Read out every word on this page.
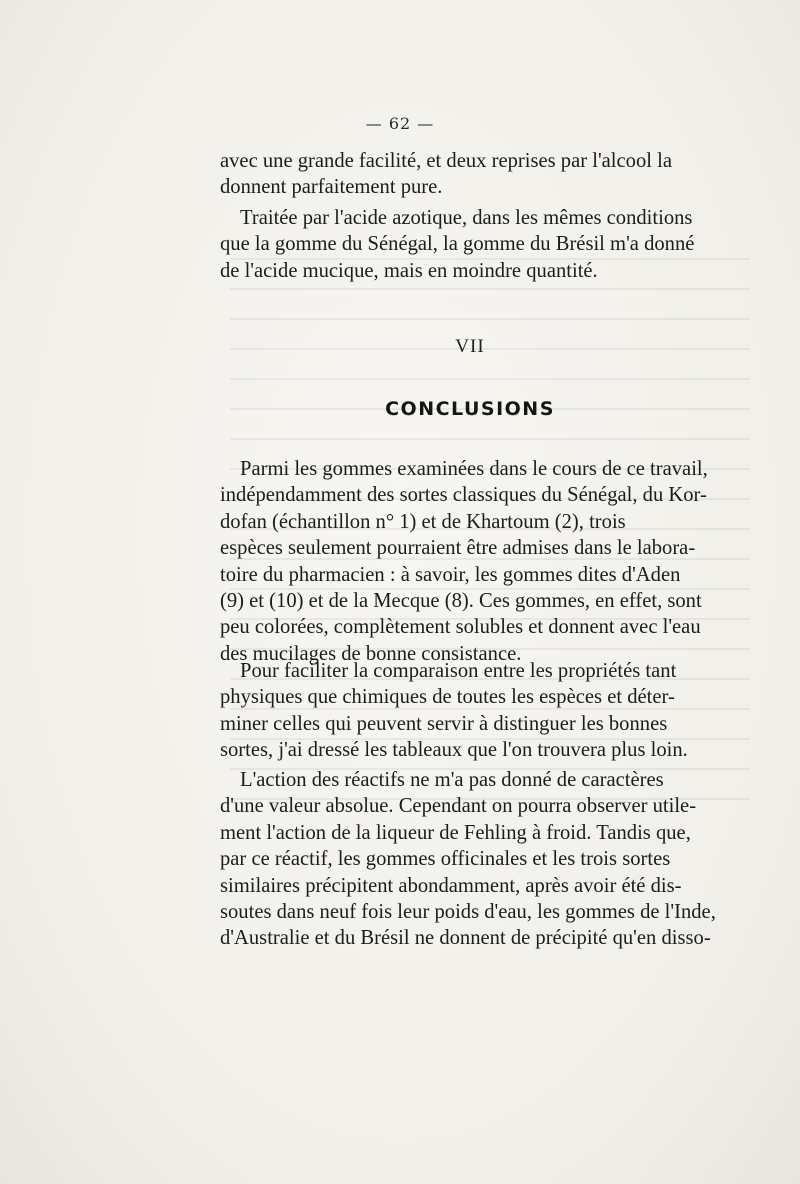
— 62 —

avec une grande facilité, et deux reprises par l'alcool la

donnent parfaitement pure.

Traitée par l'acide azotique, dans les mêmes conditions

que la gomme du Sénégal, la gomme du Brésil m'a donné

de l'acide mucique, mais en moindre quantité.

VII
CONCLUSIONS

Parmi les gommes examinées dans le cours de ce travail,

indépendamment des sortes classiques du Sénégal, du Kor-

dofan (échantillon n° 1) et de Khartoum (2), trois

espèces seulement pourraient être admises dans le labora-

toire du pharmacien : à savoir, les gommes dites d'Aden

(9) et (10) et de la Mecque (8). Ces gommes, en effet, sont

peu colorées, complètement solubles et donnent avec l'eau

des mucilages de bonne consistance.

Pour faciliter la comparaison entre les propriétés tant

physiques que chimiques de toutes les espèces et déter-

miner celles qui peuvent servir à distinguer les bonnes

sortes, j'ai dressé les tableaux que l'on trouvera plus loin.

L'action des réactifs ne m'a pas donné de caractères

d'une valeur absolue. Cependant on pourra observer utile-

ment l'action de la liqueur de Fehling à froid. Tandis que,

par ce réactif, les gommes officinales et les trois sortes

similaires précipitent abondamment, après avoir été dis-

soutes dans neuf fois leur poids d'eau, les gommes de l'Inde,

d'Australie et du Brésil ne donnent de précipité qu'en disso-
